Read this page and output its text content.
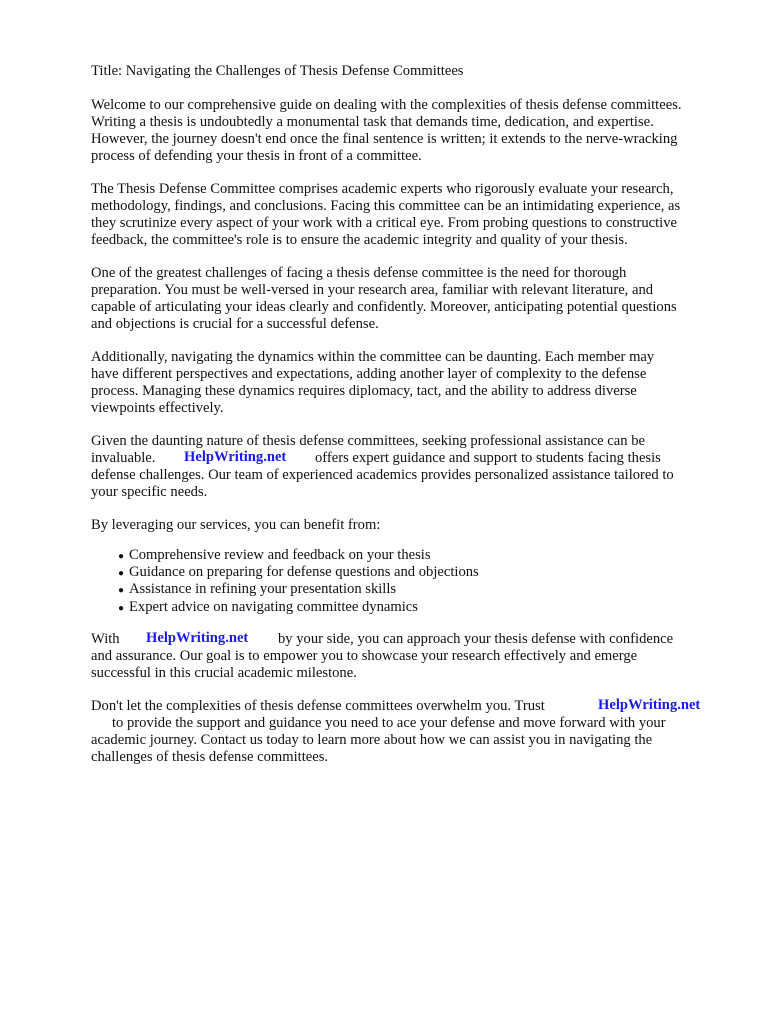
Title: Navigating the Challenges of Thesis Defense Committees

Welcome to our comprehensive guide on dealing with the complexities of thesis defense committees.

Writing a thesis is undoubtedly a monumental task that demands time, dedication, and expertise.

However, the journey doesn't end once the final sentence is written; it extends to the nerve-wracking

process of defending your thesis in front of a committee.

The Thesis Defense Committee comprises academic experts who rigorously evaluate your research,

methodology, findings, and conclusions. Facing this committee can be an intimidating experience, as

they scrutinize every aspect of your work with a critical eye. From probing questions to constructive

feedback, the committee's role is to ensure the academic integrity and quality of your thesis.

One of the greatest challenges of facing a thesis defense committee is the need for thorough

preparation. You must be well-versed in your research area, familiar with relevant literature, and

capable of articulating your ideas clearly and confidently. Moreover, anticipating potential questions

and objections is crucial for a successful defense.

Additionally, navigating the dynamics within the committee can be daunting. Each member may

have different perspectives and expectations, adding another layer of complexity to the defense

process. Managing these dynamics requires diplomacy, tact, and the ability to address diverse

viewpoints effectively.

Given the daunting nature of thesis defense committees, seeking professional assistance can be

invaluable. HelpWriting.net offers expert guidance and support to students facing thesis

defense challenges. Our team of experienced academics provides personalized assistance tailored to

your specific needs.

By leveraging our services, you can benefit from:

● Comprehensive review and feedback on your thesis

● Guidance on preparing for defense questions and objections

● Assistance in refining your presentation skills

● Expert advice on navigating committee dynamics

With HelpWriting.net by your side, you can approach your thesis defense with confidence

and assurance. Our goal is to empower you to showcase your research effectively and emerge

successful in this crucial academic milestone.

Don't let the complexities of thesis defense committees overwhelm you. Trust	HelpWriting.net

to provide the support and guidance you need to ace your defense and move forward with your

academic journey. Contact us today to learn more about how we can assist you in navigating the

challenges of thesis defense committees.
